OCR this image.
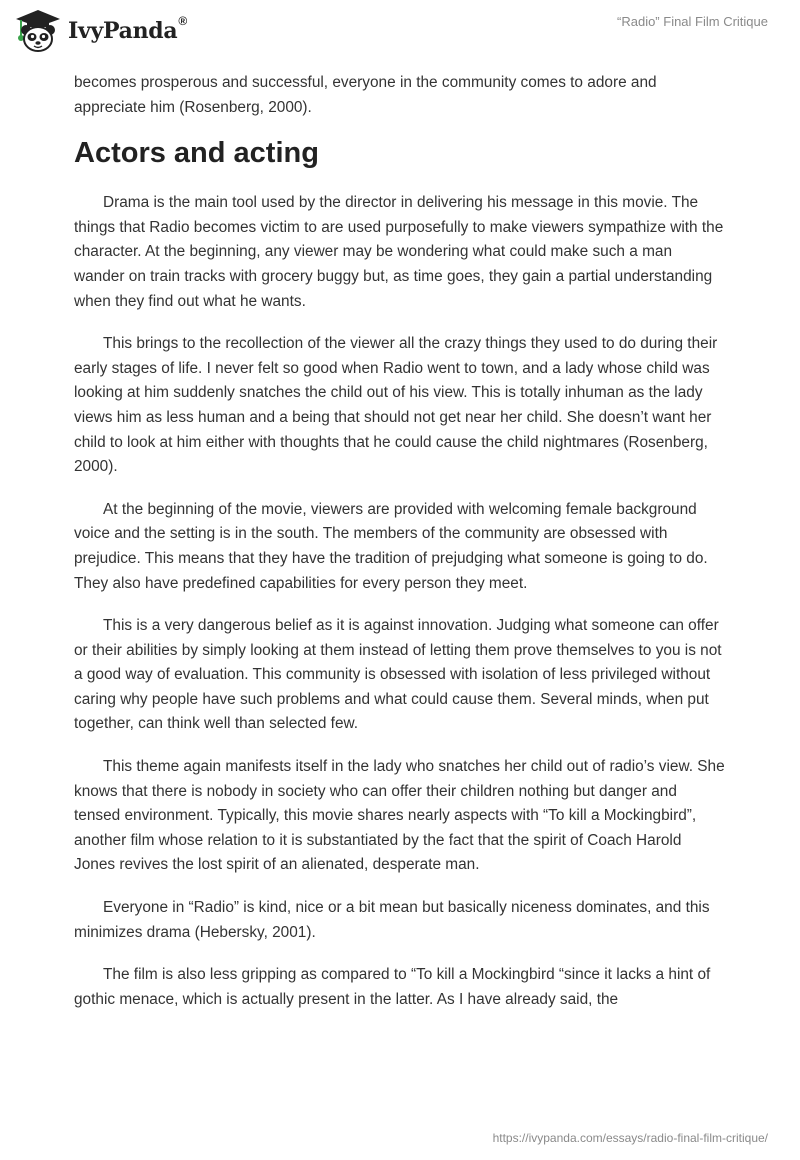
IvyPanda®	“Radio” Final Film Critique

becomes prosperous and successful, everyone in the community comes to adore and appreciate him (Rosenberg, 2000).

Actors and acting

Drama is the main tool used by the director in delivering his message in this movie. The things that Radio becomes victim to are used purposefully to make viewers sympathize with the character. At the beginning, any viewer may be wondering what could make such a man wander on train tracks with grocery buggy but, as time goes, they gain a partial understanding when they find out what he wants.

This brings to the recollection of the viewer all the crazy things they used to do during their early stages of life. I never felt so good when Radio went to town, and a lady whose child was looking at him suddenly snatches the child out of his view. This is totally inhuman as the lady views him as less human and a being that should not get near her child. She doesn’t want her child to look at him either with thoughts that he could cause the child nightmares (Rosenberg, 2000).

At the beginning of the movie, viewers are provided with welcoming female background voice and the setting is in the south. The members of the community are obsessed with prejudice. This means that they have the tradition of prejudging what someone is going to do. They also have predefined capabilities for every person they meet.

This is a very dangerous belief as it is against innovation. Judging what someone can offer or their abilities by simply looking at them instead of letting them prove themselves to you is not a good way of evaluation. This community is obsessed with isolation of less privileged without caring why people have such problems and what could cause them. Several minds, when put together, can think well than selected few.

This theme again manifests itself in the lady who snatches her child out of radio’s view. She knows that there is nobody in society who can offer their children nothing but danger and tensed environment. Typically, this movie shares nearly aspects with “To kill a Mockingbird”, another film whose relation to it is substantiated by the fact that the spirit of Coach Harold Jones revives the lost spirit of an alienated, desperate man.

Everyone in “Radio” is kind, nice or a bit mean but basically niceness dominates, and this minimizes drama (Hebersky, 2001).

The film is also less gripping as compared to “To kill a Mockingbird “since it lacks a hint of gothic menace, which is actually present in the latter. As I have already said, the

https://ivypanda.com/essays/radio-final-film-critique/
